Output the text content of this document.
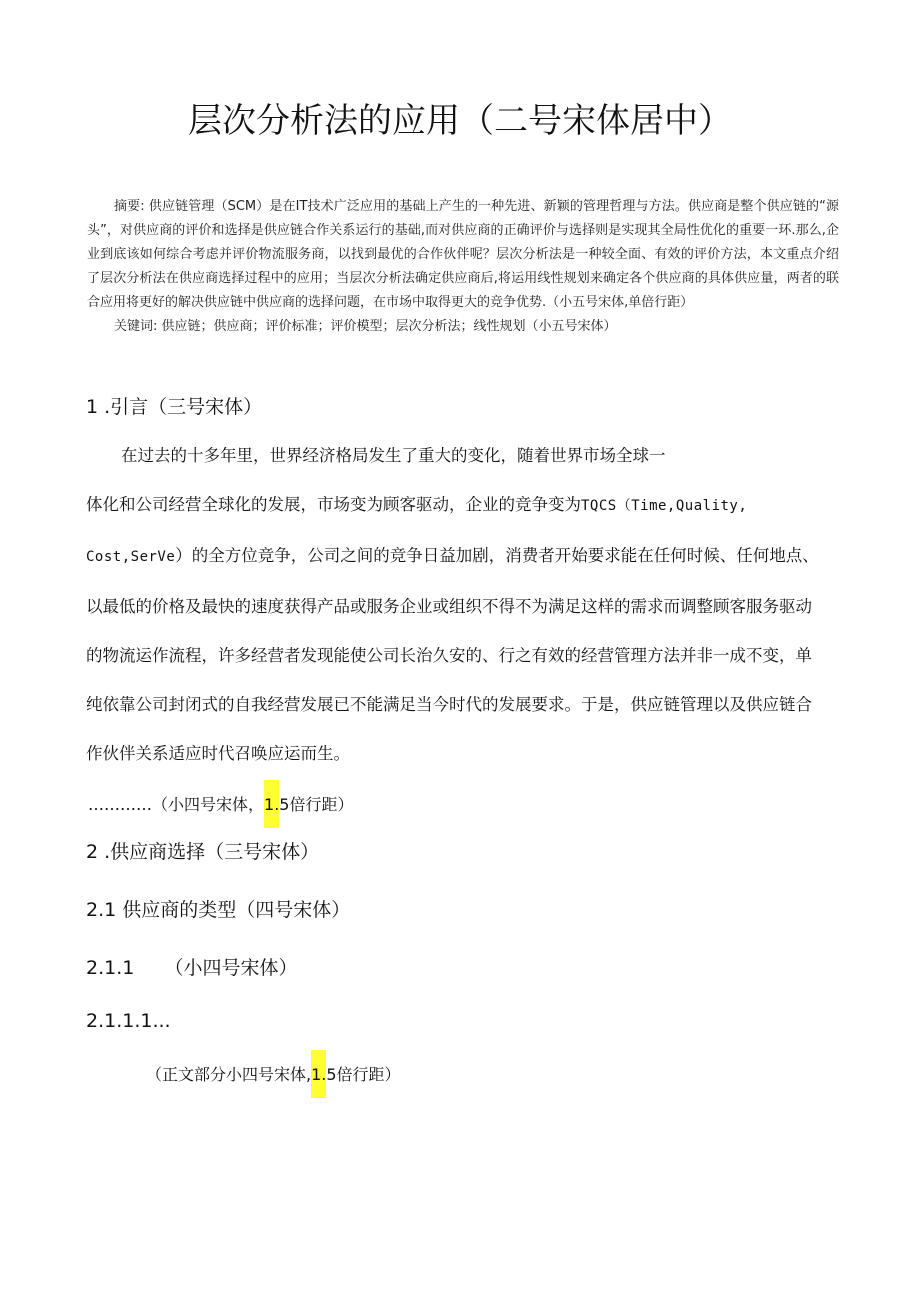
层次分析法的应用（二号宋体居中）
摘要: 供应链管理（SCM）是在IT技术广泛应用的基础上产生的一种先进、新颖的管理哲理与方法。供应商是整个供应链的“源头”，对供应商的评价和选择是供应链合作关系运行的基础,而对供应商的正确评价与选择则是实现其全局性优化的重要一环.那么,企业到底该如何综合考虑并评价物流服务商，以找到最优的合作伙伴呢？层次分析法是一种较全面、有效的评价方法，本文重点介绍了层次分析法在供应商选择过程中的应用；当层次分析法确定供应商后,将运用线性规划来确定各个供应商的具体供应量，两者的联合应用将更好的解决供应链中供应商的选择问题，在市场中取得更大的竞争优势.（小五号宋体,单倍行距）
关键词: 供应链；供应商；评价标准；评价模型；层次分析法；线性规划（小五号宋体）
1 .引言（三号宋体）
在过去的十多年里，世界经济格局发生了重大的变化，随着世界市场全球一
体化和公司经营全球化的发展，市场变为顾客驱动，企业的竞争变为TQCS（Time,Quality,
Cost,SerVe）的全方位竞争，公司之间的竞争日益加剧，消费者开始要求能在任何时候、任何地点、
以最低的价格及最快的速度获得产品或服务企业或组织不得不为满足这样的需求而调整顾客服务驱动
的物流运作流程，许多经营者发现能使公司长治久安的、行之有效的经营管理方法并非一成不变，单
纯依靠公司封闭式的自我经营发展已不能满足当今时代的发展要求。于是，供应链管理以及供应链合
作伙伴关系适应时代召唤应运而生。
…………（小四号宋体，1.5倍行距）
2 .供应商选择（三号宋体）
2.1 供应商的类型（四号宋体）
2.1.1     （小四号宋体）
2.1.1.1...
（正文部分小四号宋体,1.5倍行距）
